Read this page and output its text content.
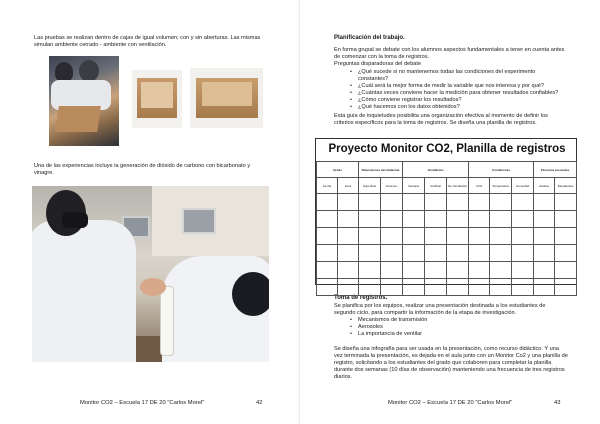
Las pruebas se realizan dentro de cajas de igual volumen; con y sin aberturas. Las mismas simulan ambiente cerrado - ambiente con ventilación.

Una de las experiencias incluye la generación de dióxido de carbono con bicarbonato y vinagre.

Monitor CO2 – Escuela 17 DE 20 "Carlos Morel"	42
Planificación del trabajo.

En forma grupal se debate con los alumnos aspectos fundamentales a tener en cuenta antes de comenzar con la toma de registros.

Preguntas disparadoras del debate
• ¿Qué sucede si no mantenemos todas las condiciones del experimento constantes?
• ¿Cuál será la mejor forma de medir la variable que nos interesa y por qué?
• ¿Cuántas veces conviene hacer la medición para obtener resultados confiables?
• ¿Cómo conviene registrar los resultados?
• ¿Qué hacemos con los datos obtenidos?

Esta guía de inquietudes posibilita una organización efectiva al momento de definir los criterios específicos para la toma de registros. Se diseña una planilla de registros.

Toma de registros.

Se planifica por los equipos, realizar una presentación destinada a los estudiantes de segundo ciclo, para compartir la información de la etapa de investigación.

• Mecanismos de transmisión
• Aerosoles
• La importancia de ventilar

Se diseña una infografía para ser usada en la presentación, como recurso didáctico. Y una vez terminada la presentación, es dejada en el aula junto con un Monitor Co2 y una planilla de registro, solicitando a los estudiantes del grado que colaboren para completar la planilla durante dos semanas (10 días de observación) manteniendo una frecuencia de tres registros diarios.

Monitor CO2 – Escuela 17 DE 20 "Carlos Morel"	43
Proyecto Monitor CO2, Planilla de registros
Grado		Dimensiones del ambiente		Ventilación			Condiciones			Personas presentes	
Fecha	Hora	Superficie	Volumen	Ventana	Artificial	Sin Ventilación	CO2	Temperatura	Humedad	Adultos	Estudiantes
